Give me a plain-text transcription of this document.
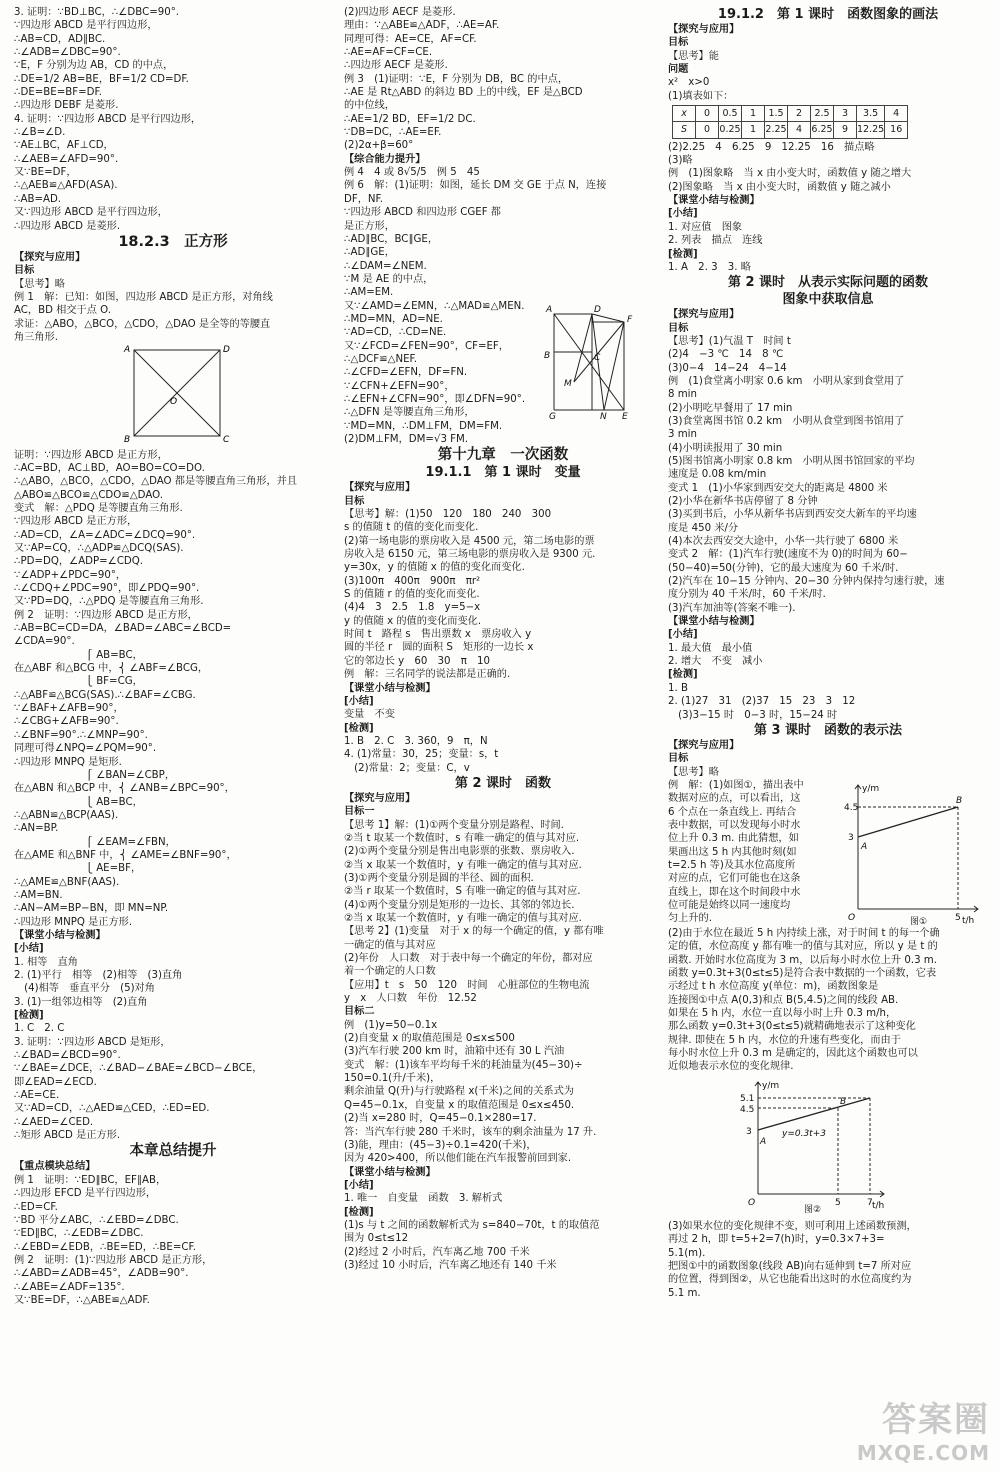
3. 证明：∵BD⊥BC，∴∠DBC=90°.
∵四边形 ABCD 是平行四边形，
∴AB=CD，AD∥BC.
∴∠ADB=∠DBC=90°.
∵E，F 分别为边 AB，CD 的中点，
∴DE=1/2 AB=BE，BF=1/2 CD=DF.
∴DE=BE=BF=DF.
∴四边形 DEBF 是菱形.
4. 证明：∵四边形 ABCD 是平行四边形，
∴∠B=∠D.
∵AE⊥BC，AF⊥CD，
∴∠AEB=∠AFD=90°.
又∵BE=DF，
∴△AEB≌△AFD(ASA).
∴AB=AD.
又∵四边形 ABCD 是平行四边形，
∴四边形 ABCD 是菱形.
18.2.3　正方形
【探究与应用】
目标
【思考】略
例 1　解：已知：如图，四边形 ABCD 是正方形，对角线
AC，BD 相交于点 O.
求证：△ABO，△BCO，△CDO，△DAO 是全等的等腰直
角三角形.
A	D
B	C
O
证明：∵四边形 ABCD 是正方形，
∴AC=BD，AC⊥BD，AO=BO=CO=DO.
∴△ABO，△BCO，△CDO，△DAO 都是等腰直角三角形，并且
△ABO≌△BCO≌△CDO≌△DAO.
变式　解：△PDQ 是等腰直角三角形.
∵四边形 ABCD 是正方形，
∴AD=CD，∠A=∠ADC=∠DCQ=90°.
又∵AP=CQ，∴△ADP≌△DCQ(SAS).
∴PD=DQ，∠ADP=∠CDQ.
∵∠ADP+∠PDC=90°，
∴∠CDQ+∠PDC=90°，即∠PDQ=90°.
又∵PD=DQ，∴△PDQ 是等腰直角三角形.
例 2　证明：∵四边形 ABCD 是正方形，
∴AB=BC=CD=DA，∠BAD=∠ABC=∠BCD=
∠CDA=90°.
　　　　　　　⎧ AB=BC，
在△ABF 和△BCG 中，⎨ ∠ABF=∠BCG，
　　　　　　　⎩ BF=CG，
∴△ABF≌△BCG(SAS).∴∠BAF=∠CBG.
∵∠BAF+∠AFB=90°，
∴∠CBG+∠AFB=90°.
∴∠BNF=90°.∴∠MNP=90°.
同理可得∠NPQ=∠PQM=90°.
∴四边形 MNPQ 是矩形.
　　　　　　　⎧ ∠BAN=∠CBP，
在△ABN 和△BCP 中，⎨ ∠ANB=∠BPC=90°，
　　　　　　　⎩ AB=BC，
∴△ABN≌△BCP(AAS).
∴AN=BP.
　　　　　　　⎧ ∠EAM=∠FBN，
在△AME 和△BNF 中，⎨ ∠AME=∠BNF=90°，
　　　　　　　⎩ AE=BF，
∴△AME≌△BNF(AAS).
∴AM=BN.
∴AN−AM=BP−BN，即 MN=NP.
∴四边形 MNPQ 是正方形.
【课堂小结与检测】
[小结]
1. 相等　直角
2. (1)平行　相等　(2)相等　(3)直角
　(4)相等　垂直平分　(5)对角
3. (1)一组邻边相等　(2)直角
[检测]
1. C　2. C
3. 证明：∵四边形 ABCD 是矩形，
∴∠BAD=∠BCD=90°.
∵∠BAE=∠DCE，∴∠BAD−∠BAE=∠BCD−∠BCE，
即∠EAD=∠ECD.
∴AE=CE.
又∵AD=CD，∴△AED≌△CED，∴ED=ED.
∴∠AED=∠CED.
∴矩形 ABCD 是正方形.
本章总结提升
【重点模块总结】
例 1　证明：∵ED∥BC，EF∥AB，
∴四边形 EFCD 是平行四边形，
∴ED=CF.
∵BD 平分∠ABC，∴∠EBD=∠DBC.
∵ED∥BC，∴∠EDB=∠DBC.
∴∠EBD=∠EDB，∴BE=ED，∴BE=CF.
例 2　证明：(1)∵四边形 ABCD 是正方形，
∴∠ABD=∠ADB=45°，∠ADB=90°.
∴∠ABE=∠ADF=135°.
又∵BE=DF，∴△ABE≌△ADF.
(2)四边形 AECF 是菱形.
理由：∵△ABE≌△ADF，∴AE=AF.
同理可得：AE=CE，AF=CF.
∴AE=AF=CF=CE.
∴四边形 AECF 是菱形.
例 3　(1)证明：∵E，F 分别为 DB，BC 的中点，
∴AE 是 Rt△ABD 的斜边 BD 上的中线，EF 是△BCD
的中位线，
∴AE=1/2 BD，EF=1/2 DC.
∵DB=DC，∴AE=EF.
(2)2α+β=60°
【综合能力提升】
例 4　4 或 8√5/5　例 5　45
例 6　解：(1)证明：如图，延长 DM 交 GE 于点 N，连接
DF，NF.
∵四边形 ABCD 和四边形 CGEF 都
是正方形，
∴AD∥BC，BC∥GE，
∴AD∥GE，
∴∠DAM=∠NEM.
∵M 是 AE 的中点，
∴AM=EM.
又∵∠AMD=∠EMN，∴△MAD≌△MEN.
∴MD=MN，AD=NE.
∵AD=CD，∴CD=NE.
又∵∠FCD=∠FEN=90°，CF=EF，
∴△DCF≌△NEF.
∴∠CFD=∠EFN，DF=FN.
∵∠CFN+∠EFN=90°，
∴∠EFN+∠CFN=90°，即∠DFN=90°.
∴△DFN 是等腰直角三角形，
∵MD=MN，∴DM⊥FM，DM=FM.
(2)DM⊥FM，DM=√3 FM.
A	D
F
B	C
M
G	N E
第十九章　一次函数
19.1.1　第 1 课时　变量
【探究与应用】
目标
【思考】解：(1)50　120　180　240　300
s 的值随 t 的值的变化而变化.
(2)第一场电影的票房收入是 4500 元，第二场电影的票
房收入是 6150 元，第三场电影的票房收入是 9300 元.
y=30x，y 的值随 x 的值的变化而变化.
(3)100π　400π　900π　πr²
S 的值随 r 的值的变化而变化.
(4)4　3　2.5　1.8　y=5−x
y 的值随 x 的值的变化而变化.
时间 t　路程 s　售出票数 x　票房收入 y
圆的半径 r　圆的面积 S　矩形的一边长 x
它的邻边长 y　60　30　π　10
例　解：三名同学的说法都是正确的.
【课堂小结与检测】
[小结]
变量　不变
[检测]
1. B　2. C　3. 360，9　π，N
4. (1)常量：30，25；变量：s，t
　(2)常量：2；变量：C，v
第 2 课时　函数
【探究与应用】
目标一
【思考 1】解：(1)①两个变量分别是路程、时间.
②当 t 取某一个数值时，s 有唯一确定的值与其对应.
(2)①两个变量分别是售出电影票的张数、票房收入.
②当 x 取某一个数值时，y 有唯一确定的值与其对应.
(3)①两个变量分别是圆的半径、圆的面积.
②当 r 取某一个数值时，S 有唯一确定的值与其对应.
(4)①两个变量分别是矩形的一边长、其邻的邻边长.
②当 x 取某一个数值时，y 有唯一确定的值与其对应.
【思考 2】(1)变量　对于 x 的每一个确定的值，y 都有唯
一确定的值与其对应
(2)年份　人口数　对于表中每一个确定的年份，都对应
着一个确定的人口数
【应用】t　s　50　120　时间　心脏部位的生物电流
y　x　人口数　年份　12.52
目标二
例　(1)y=50−0.1x
(2)自变量 x 的取值范围是 0≤x≤500
(3)汽车行驶 200 km 时，油箱中还有 30 L 汽油
变式　解：(1)该车平均每千米的耗油量为(45−30)÷
150=0.1(升/千米)，
剩余油量 Q(升)与行驶路程 x(千米)之间的关系式为
Q=45−0.1x，自变量 x 的取值范围是 0≤x≤450.
(2)当 x=280 时，Q=45−0.1×280=17.
答：当汽车行驶 280 千米时，该车的剩余油量为 17 升.
(3)能，理由：(45−3)÷0.1=420(千米)，
因为 420>400，所以他们能在汽车报警前回到家.
【课堂小结与检测】
[小结]
1. 唯一　自变量　函数　3. 解析式
[检测]
(1)s 与 t 之间的函数解析式为 s=840−70t，t 的取值范
围为 0≤t≤12
(2)经过 2 小时后，汽车离乙地 700 千米
(3)经过 10 小时后，汽车离乙地还有 140 千米
19.1.2　第 1 课时　函数图象的画法
【探究与应用】
目标
【思考】能
问题
x²　x>0
(1)填表如下：
x	0	0.5	1	1.5	2	2.5	3	3.5	4
S	0	0.25	1	2.25	4	6.25	9	12.25	16
(2)2.25　4　6.25　9　12.25　16　描点略
(3)略
例　(1)图象略　当 x 由小变大时，函数值 y 随之增大
(2)图象略　当 x 由小变大时，函数值 y 随之减小
【课堂小结与检测】
[小结]
1. 对应值　图象
2. 列表　描点　连线
[检测]
1. A　2. 3　3. 略
第 2 课时　从表示实际问题的函数
图象中获取信息
【探究与应用】
目标
【思考】(1)气温 T　时间 t
(2)4　−3 ℃　14　8 ℃
(3)0−4　14−24　4−14
例　(1)食堂离小明家 0.6 km　小明从家到食堂用了
8 min
(2)小明吃早餐用了 17 min
(3)食堂离图书馆 0.2 km　小明从食堂到图书馆用了
3 min
(4)小明读报用了 30 min
(5)图书馆离小明家 0.8 km　小明从图书馆回家的平均
速度是 0.08 km/min
变式 1　(1)小华家到西安交大的距离是 4800 米
(2)小华在新华书店停留了 8 分钟
(3)买到书后，小华从新华书店到西安交大新车的平均速
度是 450 米/分
(4)本次去西安交大途中，小华一共行驶了 6800 米
变式 2　解：(1)汽车行驶(速度不为 0)的时间为 60−
(50−40)=50(分钟)，它的最大速度为 60 千米/时.
(2)汽车在 10−15 分钟内、20−30 分钟内保持匀速行驶，速
度分别为 40 千米/时，60 千米/时.
(3)汽车加油等(答案不唯一).
【课堂小结与检测】
[小结]
1. 最大值　最小值
2. 增大　不变　减小
[检测]
1. B
2. (1)27　31　(2)37　15　23　3　12
　(3)3−15 时　0−3 时，15−24 时
第 3 课时　函数的表示法
【探究与应用】
目标
【思考】略
例　解：(1)如图①，描出表中
数据对应的点，可以看出，这
6 个点在一条直线上. 再结合
表中数据，可以发现每小时水
位上升 0.3 m. 由此猜想，如
果画出这 5 h 内其他时刻(如
t=2.5 h 等)及其水位高度所
对应的点，它们可能也在这条
直线上，即在这个时间段中水
位可能是始终以同一速度均
匀上升的.
y/m
t/h
4.5
3
5
O
A
B
图①
(2)由于水位在最近 5 h 内持续上涨，对于时间 t 的每一个确
定的值，水位高度 y 都有唯一的值与其对应，所以 y 是 t 的
函数. 开始时水位高度为 3 m，以后每小时水位上升 0.3 m.
函数 y=0.3t+3(0≤t≤5)是符合表中数据的一个函数，它表
示经过 t h 水位高度 y(单位：m)，函数图象是
连接图①中点 A(0,3)和点 B(5,4.5)之间的线段 AB.
如果在 5 h 内，水位一直以每小时上升 0.3 m/h，
那么函数 y=0.3t+3(0≤t≤5)就精确地表示了这种变化
规律. 即使在 5 h 内，水位的升速有些变化，而由于
每小时水位上升 0.3 m 是确定的，因此这个函数也可以
近似地表示水位的变化规律.
y/m
t/h
5.1
4.5
3
5	7
O
A
B
y=0.3t+3
图②
(3)如果水位的变化规律不变，则可利用上述函数预测，
再过 2 h，即 t=5+2=7(h)时，y=0.3×7+3=
5.1(m).
把图①中的函数图象(线段 AB)向右延伸到 t=7 所对应
的位置，得到图②，从它也能看出这时的水位高度约为
5.1 m.
答案圈
MXQE.COM
